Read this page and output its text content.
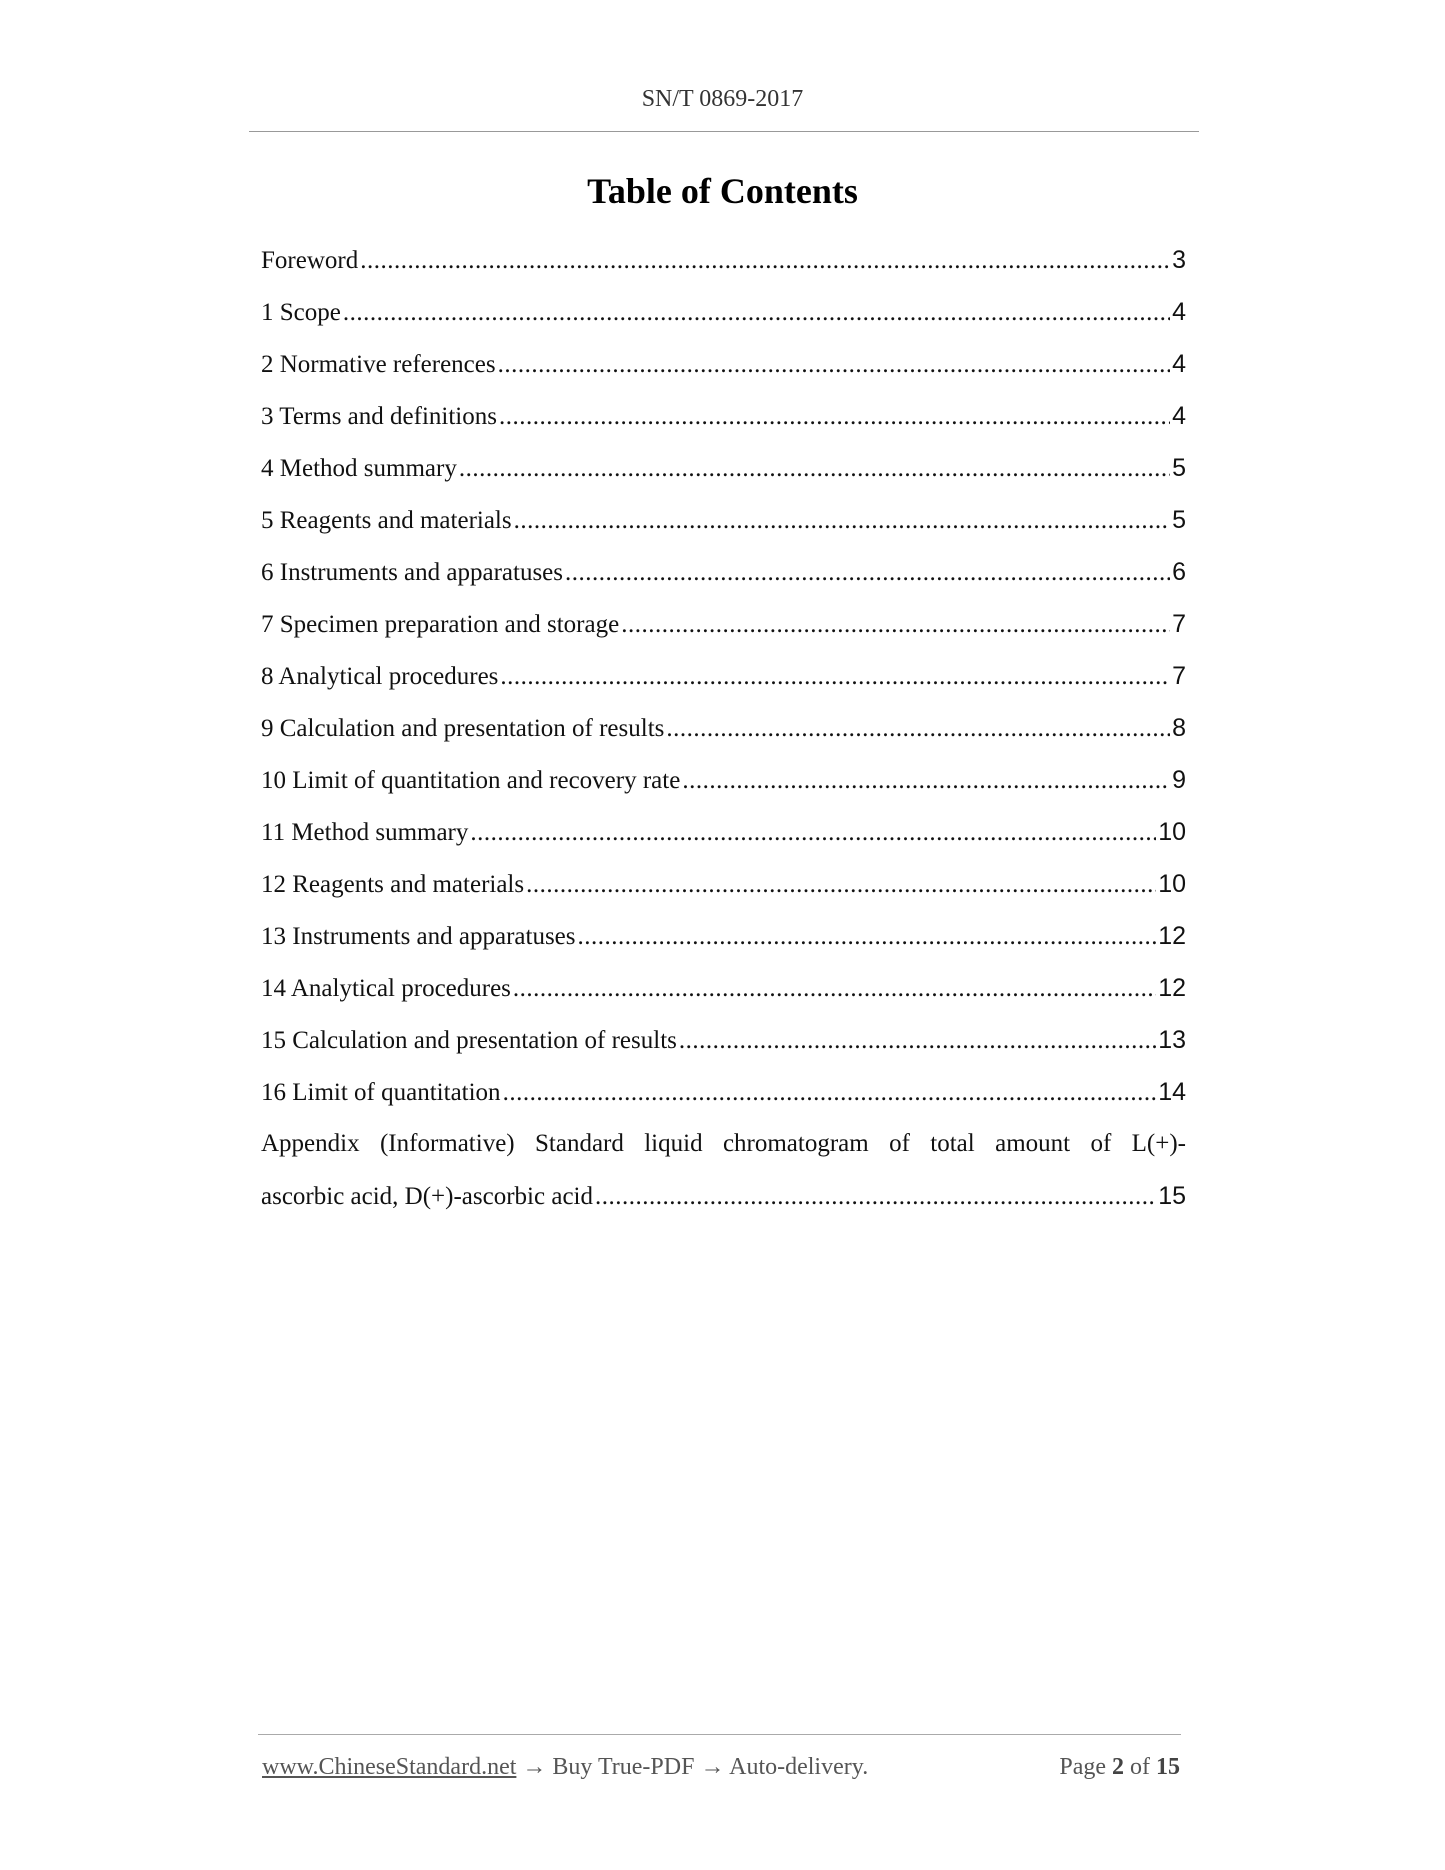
SN/T 0869-2017
Table of Contents
Foreword .....	3
1 Scope .....	4
2 Normative references .....	4
3 Terms and definitions .....	4
4 Method summary .....	5
5 Reagents and materials .....	5
6 Instruments and apparatuses .....	6
7 Specimen preparation and storage .....	7
8 Analytical procedures .....	7
9 Calculation and presentation of results .....	8
10 Limit of quantitation and recovery rate .....	9
11 Method summary .....	10
12 Reagents and materials .....	10
13 Instruments and apparatuses .....	12
14 Analytical procedures .....	12
15 Calculation and presentation of results .....	13
16 Limit of quantitation .....	14
Appendix (Informative) Standard liquid chromatogram of total amount of L(+)-
ascorbic acid, D(+)-ascorbic acid .....	15
www.ChineseStandard.net → Buy True-PDF → Auto-delivery.	Page 2 of 15
